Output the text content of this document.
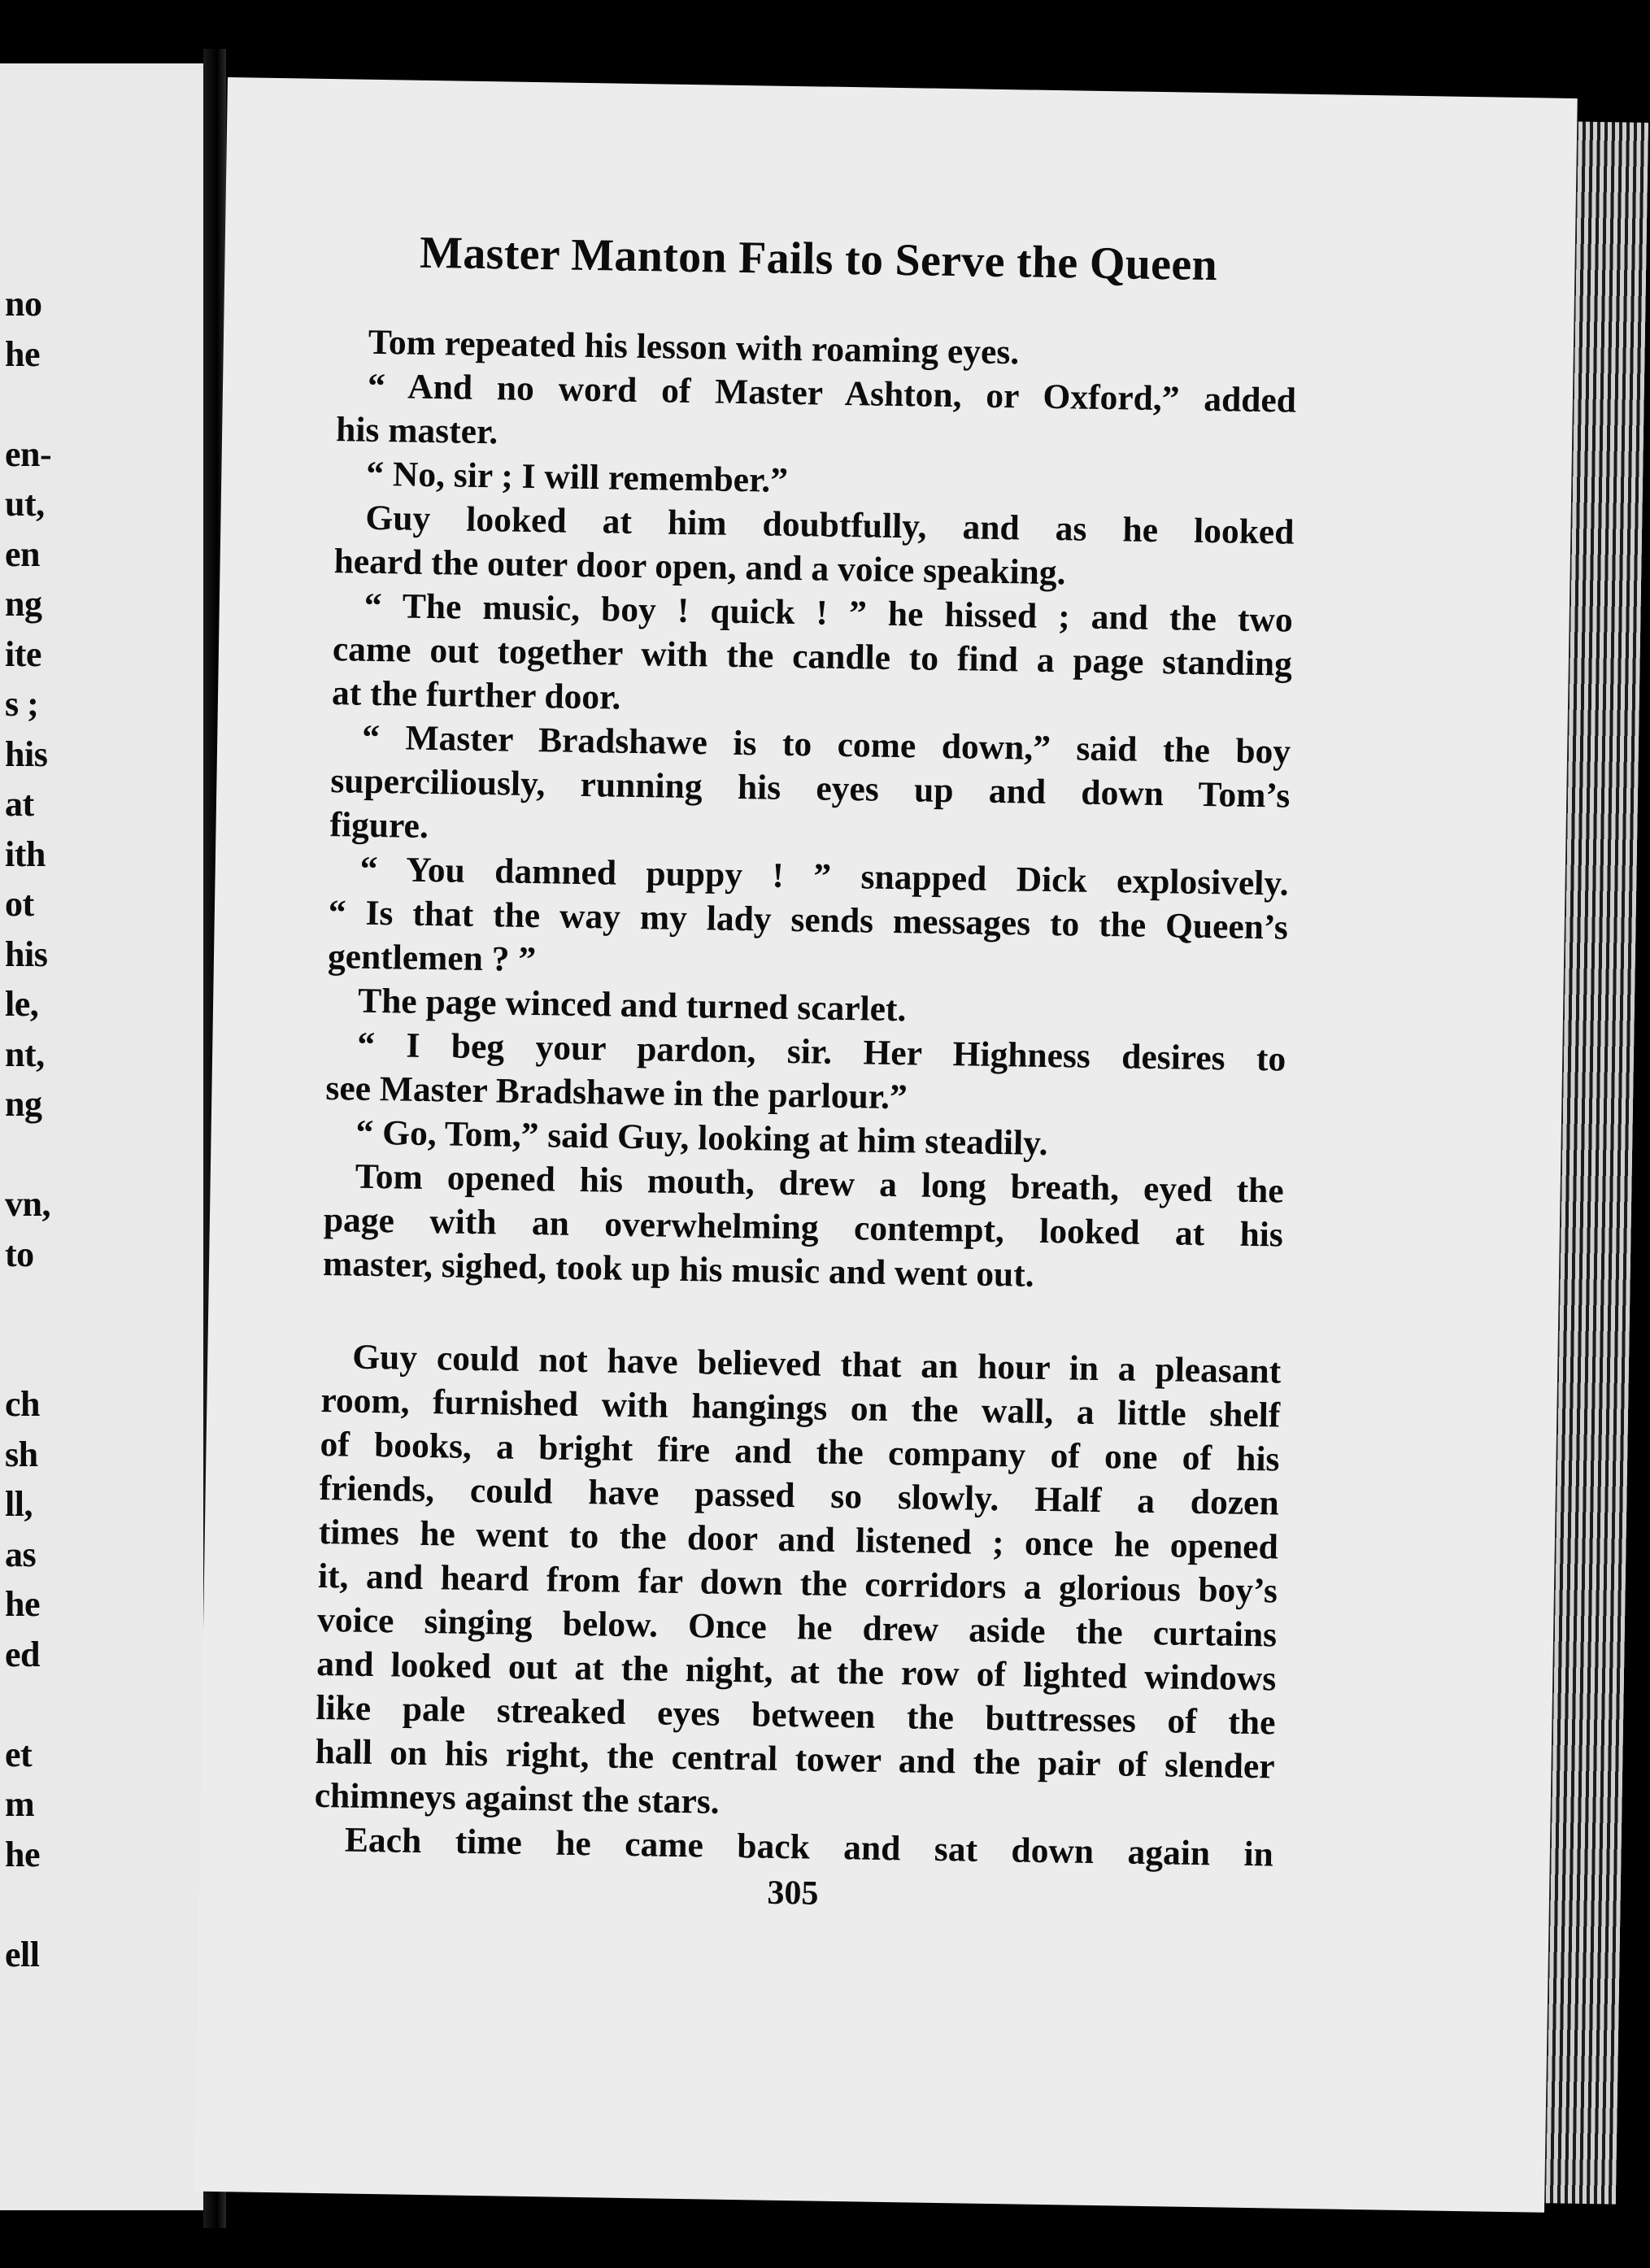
no
he
en-
ut,
en
ng
ite
s ;
his
at
ith
ot
his
le,
nt,
ng
vn,
to
ch
sh
ll,
as
he
ed
et
m
he
ell
Master Manton Fails to Serve the Queen
Tom repeated his lesson with roaming eyes.
“ And no word of Master Ashton, or Oxford,” added
his master.
“ No, sir ; I will remember.”
Guy looked at him doubtfully, and as he looked
heard the outer door open, and a voice speaking.
“ The music, boy ! quick ! ” he hissed ; and the two
came out together with the candle to find a page standing
at the further door.
“ Master Bradshawe is to come down,” said the boy
superciliously, running his eyes up and down Tom’s
figure.
“ You damned puppy ! ” snapped Dick explosively.
“ Is that the way my lady sends messages to the Queen’s
gentlemen ? ”
The page winced and turned scarlet.
“ I beg your pardon, sir. Her Highness desires to
see Master Bradshawe in the parlour.”
“ Go, Tom,” said Guy, looking at him steadily.
Tom opened his mouth, drew a long breath, eyed the
page with an overwhelming contempt, looked at his
master, sighed, took up his music and went out.
Guy could not have believed that an hour in a pleasant
room, furnished with hangings on the wall, a little shelf
of books, a bright fire and the company of one of his
friends, could have passed so slowly. Half a dozen
times he went to the door and listened ; once he opened
it, and heard from far down the corridors a glorious boy’s
voice singing below. Once he drew aside the curtains
and looked out at the night, at the row of lighted windows
like pale streaked eyes between the buttresses of the
hall on his right, the central tower and the pair of slender
chimneys against the stars.
Each time he came back and sat down again in
305
